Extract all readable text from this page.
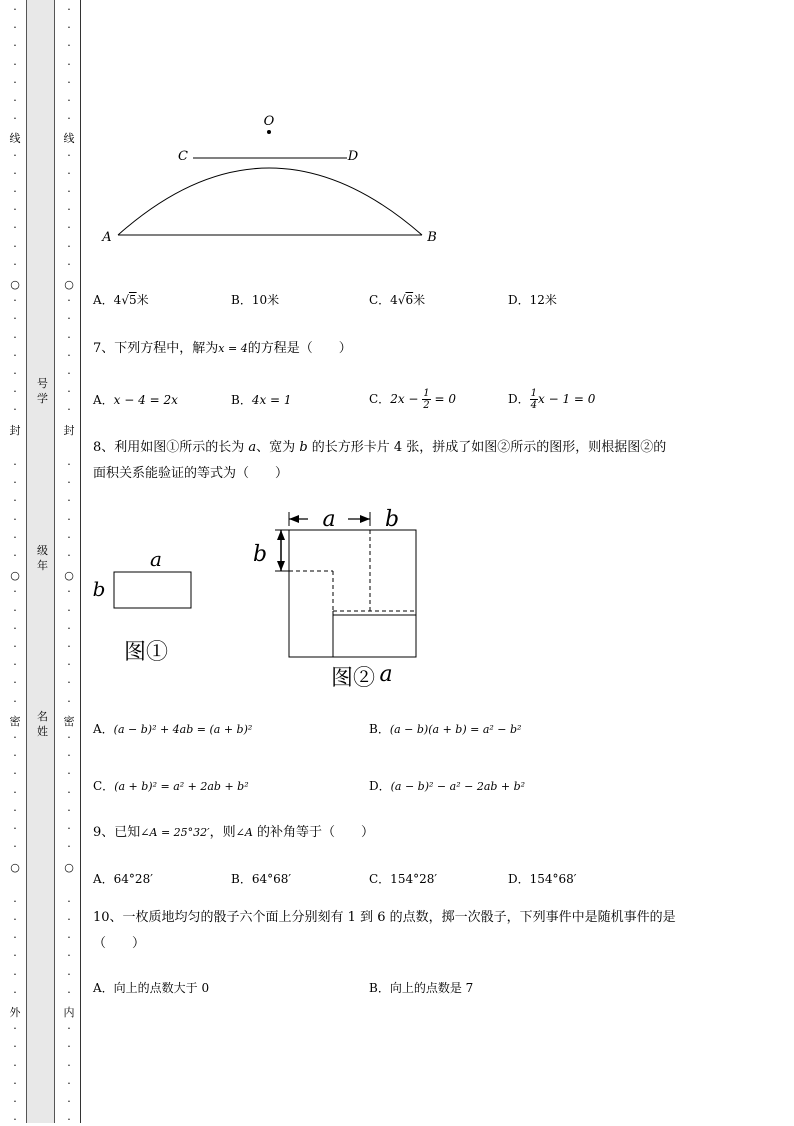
·
·
·
·
·
·
·
·
·
·
·
·
·
·
·
·
·
·
·
·
·
·
·
·
·
·
·
·
·
·
·
·
·
·
·
·
·
·
·
·
·
·
·
·
·
·
·
·
·
·
·
·
·
·
·
·
·
·
·
·
·
·
·
·
·
·
·
·
·
·
·
·
·
·
·
·
·
·
·
·
·
·
·
·
·
·
·
·
·
·
·
·
·
·
·
·
·
·
·
·
·
·
·
·
·
·
线
○
封
○
密
○
外
线
○
封
○
密
○
内
号学
级年
名姓
O
C	D
A	B
A．4√5米	B．10米	C．4√6米	D．12米
7、下列方程中，解为x = 4的方程是（　　）
A．x − 4 = 2x	B．4x = 1	C．$2x - \frac{1}{2} = 0$	D． $\frac{1}{4}$ x − 1 = 0
8、利用如图①所示的长为 a、宽为 b 的长方形卡片 4 张，拼成了如图②所示的图形，则根据图②的
面积关系能验证的等式为（　　）
a
b
图①
a b
b
图② a
A．(a − b)² + 4ab = (a + b)²	B．(a − b)(a + b) = a² − b²
C．(a + b)² = a² + 2ab + b²	D．(a − b)² − a² − 2ab + b²
9、已知∠A = 25°32′，则∠A 的补角等于（　　）
A．64°28′	B．64°68′	C．154°28′	D．154°68′
10、一枚质地均匀的骰子六个面上分别刻有 1 到 6 的点数，掷一次骰子，下列事件中是随机事件的是
（　　）
A．向上的点数大于 0	B．向上的点数是 7
